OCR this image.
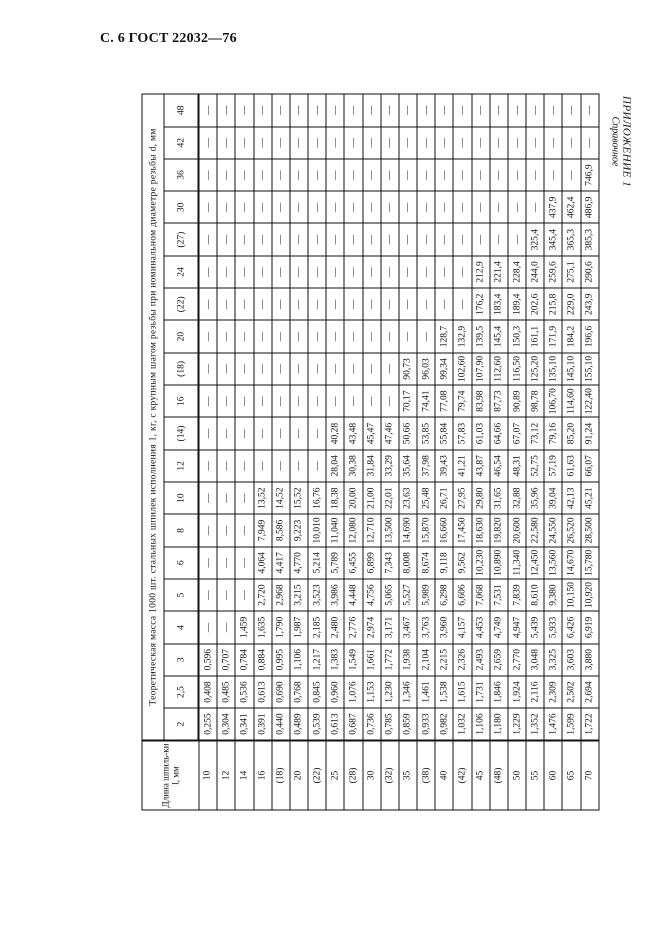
С. 6 ГОСТ 22032—76
ПРИЛОЖЕНИЕ 1
Справочное
Длина шпиль-ки l, мм	Теоретическая масса 1000 шт. стальных шпилек исполнения 1, кг, с крупным шагом резьбы при номинальном диаметре резьбы d, мм																			
	2	2,5	3	4	5	6	8	10	12	(14)	16	(18)	20	(22)	24	(27)	30	36	42	48
10	0,255	0,408	0,596	—	—	—	—	—	—	—	—	—	—	—	—	—	—	—	—	—
12	0,304	0,485	0,707	—	—	—	—	—	—	—	—	—	—	—	—	—	—	—	—	—
14	0,341	0,536	0,784	1,459	—	—	—	—	—	—	—	—	—	—	—	—	—	—	—	—
16	0,391	0,613	0,884	1,635	2,720	4,064	7,949	13,52	—	—	—	—	—	—	—	—	—	—	—	—
(18)	0,440	0,690	0,995	1,790	2,968	4,417	8,586	14,52	—	—	—	—	—	—	—	—	—	—	—	—
20	0,489	0,768	1,106	1,987	3,215	4,770	9,223	15,52	—	—	—	—	—	—	—	—	—	—	—	—
(22)	0,539	0,845	1,217	2,185	3,523	5,214	10,010	16,76	—	—	—	—	—	—	—	—	—	—	—	—
25	0,613	0,960	1,383	2,480	3,986	5,789	11,040	18,38	28,04	40,28	—	—	—	—	—	—	—	—	—	—
(28)	0,687	1,076	1,549	2,776	4,448	6,455	12,080	20,00	30,38	43,48	—	—	—	—	—	—	—	—	—	—
30	0,736	1,153	1,661	2,974	4,756	6,899	12,710	21,00	31,84	45,47	—	—	—	—	—	—	—	—	—	—
(32)	0,785	1,230	1,772	3,171	5,065	7,343	13,500	22,01	33,29	47,46	—	—	—	—	—	—	—	—	—	—
35	0,859	1,346	1,938	3,467	5,527	8,008	14,690	23,63	35,64	50,66	70,17	90,73	—	—	—	—	—	—	—	—
(38)	0,933	1,461	2,104	3,763	5,989	8,674	15,870	25,48	37,98	53,85	74,41	96,03	—	—	—	—	—	—	—	—
40	0,982	1,538	2,215	3,960	6,298	9,118	16,660	26,71	39,43	55,84	77,08	99,34	128,7	—	—	—	—	—	—	—
(42)	1,032	1,615	2,326	4,157	6,606	9,562	17,450	27,95	41,21	57,83	79,74	102,60	132,9	—	—	—	—	—	—	—
45	1,106	1,731	2,493	4,453	7,068	10,230	18,630	29,80	43,87	61,03	83,98	107,90	139,5	176,2	212,9	—	—	—	—	—
(48)	1,180	1,846	2,659	4,749	7,531	10,890	19,820	31,65	46,54	64,66	87,73	112,60	145,4	183,4	221,4	—	—	—	—	—
50	1,229	1,924	2,770	4,947	7,839	11,340	20,600	32,88	48,31	67,07	90,89	116,50	150,3	189,4	228,4	—	—	—	—	—
55	1,352	2,116	3,048	5,439	8,610	12,450	22,580	35,96	52,75	73,12	98,78	125,20	161,1	202,6	244,0	325,4	—	—	—	—
60	1,476	2,309	3,325	5,933	9,380	13,560	24,550	39,04	57,19	79,16	106,70	135,10	171,9	215,8	259,6	345,4	437,9	—	—	—
65	1,599	2,502	3,603	6,426	10,150	14,670	26,520	42,13	61,63	85,20	114,60	145,10	184,2	229,0	275,1	365,3	462,4	—	—	—
70	1,722	2,694	3,880	6,919	10,920	15,780	28,500	45,21	66,07	91,24	122,40	155,10	196,6	243,9	290,6	385,3	486,9	746,9	—	—
